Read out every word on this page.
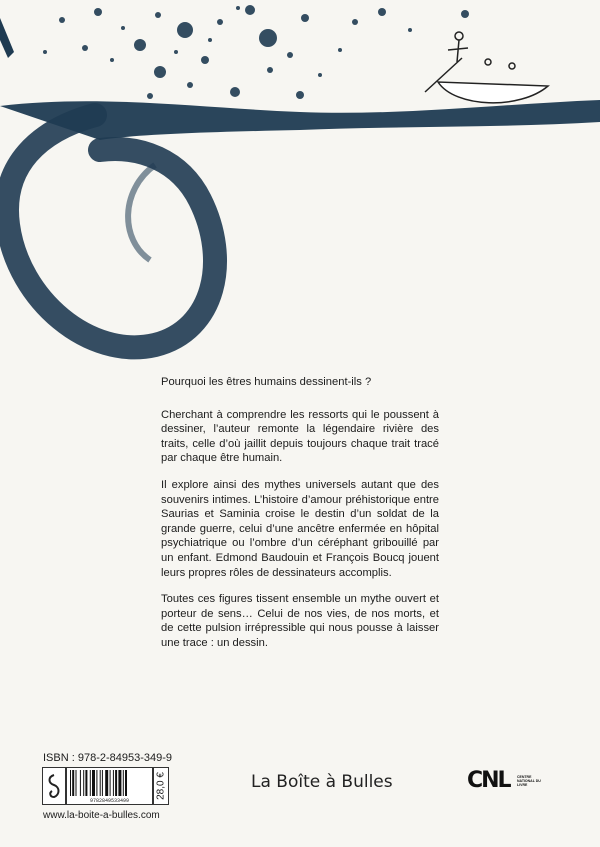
Pourquoi les êtres humains dessinent-ils ?

Cherchant à comprendre les ressorts qui le poussent à dessiner, l’auteur remonte la légendaire rivière des traits, celle d’où jaillit depuis toujours chaque trait tracé par chaque être humain.

Il explore ainsi des mythes universels autant que des souvenirs intimes. L’histoire d’amour préhistorique entre Saurias et Saminia croise le destin d’un soldat de la grande guerre, celui d’une ancêtre enfermée en hôpital psychiatrique ou l’ombre d’un céréphant gribouillé par un enfant. Edmond Baudouin et François Boucq jouent leurs propres rôles de dessinateurs accomplis.

Toutes ces figures tissent ensemble un mythe ouvert et porteur de sens… Celui de nos vies, de nos morts, et de cette pulsion irrépressible qui nous pousse à laisser une trace : un dessin.

ISBN : 978-2-84953-349-9
9782849533499
28,0 €
www.la-boite-a-bulles.com
La Boîte à Bulles	CNL CENTRE NATIONAL DU LIVRE
